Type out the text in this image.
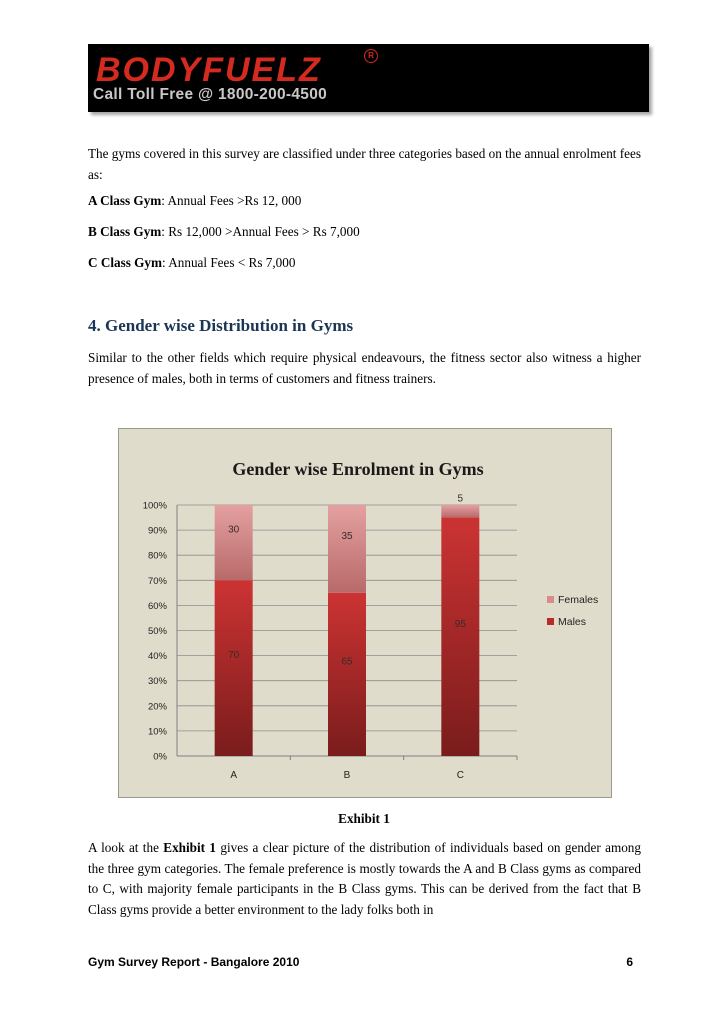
BODYFUELZ	R
Call Toll Free @ 1800-200-4500

The gyms covered in this survey are classified under three categories based on the annual enrolment fees as:

A Class Gym: Annual Fees >Rs 12, 000

B Class Gym: Rs 12,000 >Annual Fees > Rs 7,000

C Class Gym: Annual Fees < Rs 7,000

4. Gender wise Distribution in Gyms

Similar to the other fields which require physical endeavours, the fitness sector also witness a higher presence of males, both in terms of customers and fitness trainers.

Gender wise Enrolment in Gyms
0%
10%
20%
30%
40%
50%
60%
70%
80%
90%
100%
70
30
A
65
35
B
95
5
C
Females
Males

Exhibit 1

A look at the Exhibit 1 gives a clear picture of the distribution of individuals based on gender among the three gym categories. The female preference is mostly towards the A and B Class gyms as compared to C, with majority female participants in the B Class gyms. This can be derived from the fact that B Class gyms provide a better environment to the lady folks both in

Gym Survey Report - Bangalore 2010	6
